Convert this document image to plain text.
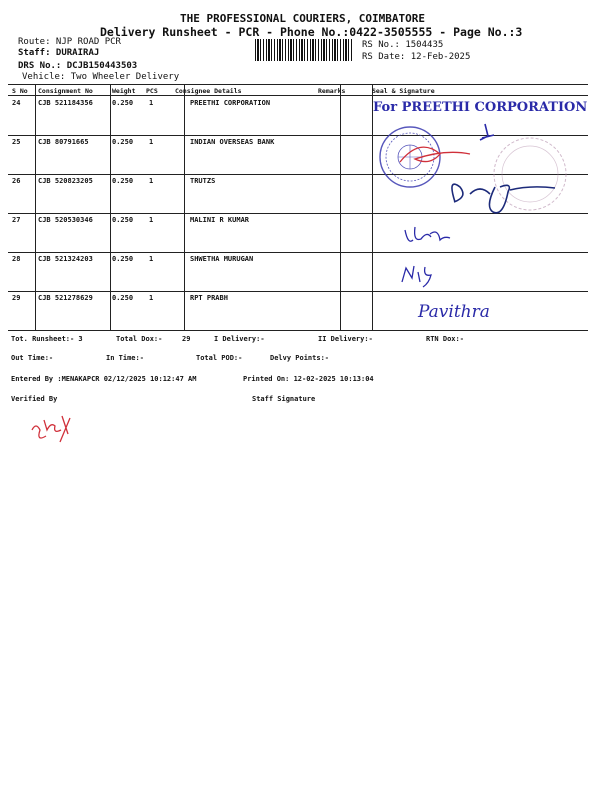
THE PROFESSIONAL COURIERS, COIMBATORE
Delivery Runsheet - PCR - Phone No.:0422-3505555 - Page No.:3
Route: NJP ROAD PCR
Staff: DURAIRAJ
DRS No.: DCJB150443503
Vehicle: Two Wheeler Delivery
RS No.: 1504435
RS Date: 12-Feb-2025
S No Consignment No	Weight PCS	Consignee Details	Remarks	Seal & Signature
24	CJB 521184356	0.250 1	PREETHI CORPORATION
25	CJB 80791665	0.250 1	INDIAN OVERSEAS BANK
26	CJB 520823205	0.250 1	TRUTZS
27	CJB 520530346	0.250 1	MALINI R KUMAR
28	CJB 521324203	0.250 1	SHWETHA MURUGAN
29	CJB 521278629	0.250 1	RPT PRABH
For PREETHI CORPORATION
Pavithra
Tot. Runsheet:- 3	Total Dox:-	29	I Delivery:-	II Delivery:-	RTN Dox:-
Out Time:-	In Time:-	Total POD:-	Delvy Points:-
Entered By :MENAKAPCR 02/12/2025 10:12:47 AM	Printed On: 12-02-2025 10:13:04
Verified By	Staff Signature
